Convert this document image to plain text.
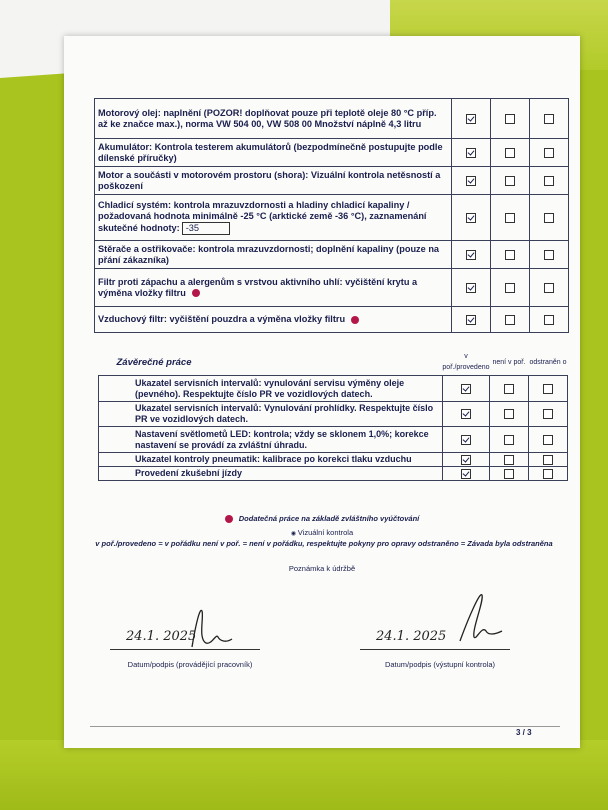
Motorový olej: naplnění (POZOR! doplňovat pouze při teplotě oleje 80 °C příp. až ke značce max.), norma VW 504 00, VW 508 00 Množství náplně 4,3 litru			
Akumulátor: Kontrola testerem akumulátorů (bezpodmínečně postupujte podle dílenské příručky)			
Motor a součásti v motorovém prostoru (shora): Vizuální kontrola netěsností a poškození			
Chladicí systém: kontrola mrazuvzdornosti a hladiny chladicí kapaliny / požadovaná hodnota minimálně -25 °C (arktické země -36 °C), zaznamenání skutečné hodnoty: -35			
Stěrače a ostřikovače: kontrola mrazuvzdornosti; doplnění kapaliny (pouze na přání zákazníka)			
Filtr proti zápachu a alergenům s vrstvou aktivního uhlí: vyčištění krytu a výměna vložky filtru			
Vzduchový filtr: vyčištění pouzdra a výměna vložky filtru			
Závěrečné práce	v poř./provedeno	není v poř.	odstraněn o
Ukazatel servisních intervalů: vynulování servisu výměny oleje (pevného). Respektujte číslo PR ve vozidlových datech.			
Ukazatel servisních intervalů: Vynulování prohlídky. Respektujte číslo PR ve vozidlových datech.			
Nastavení světlometů LED: kontrola; vždy se sklonem 1,0%; korekce nastavení se provádí za zvláštní úhradu.			
Ukazatel kontroly pneumatik: kalibrace po korekci tlaku vzduchu			
Provedení zkušební jízdy			
Dodatečná práce na základě zvláštního vyúčtování
◉ Vizuální kontrola
v poř./provedeno = v pořádku není v poř. = není v pořádku, respektujte pokyny pro opravy odstraněno = Závada byla odstraněna
Poznámka k údržbě
24.1. 2025
Datum/podpis (provádějící pracovník)
24.1. 2025
Datum/podpis (výstupní kontrola)
3 / 3
